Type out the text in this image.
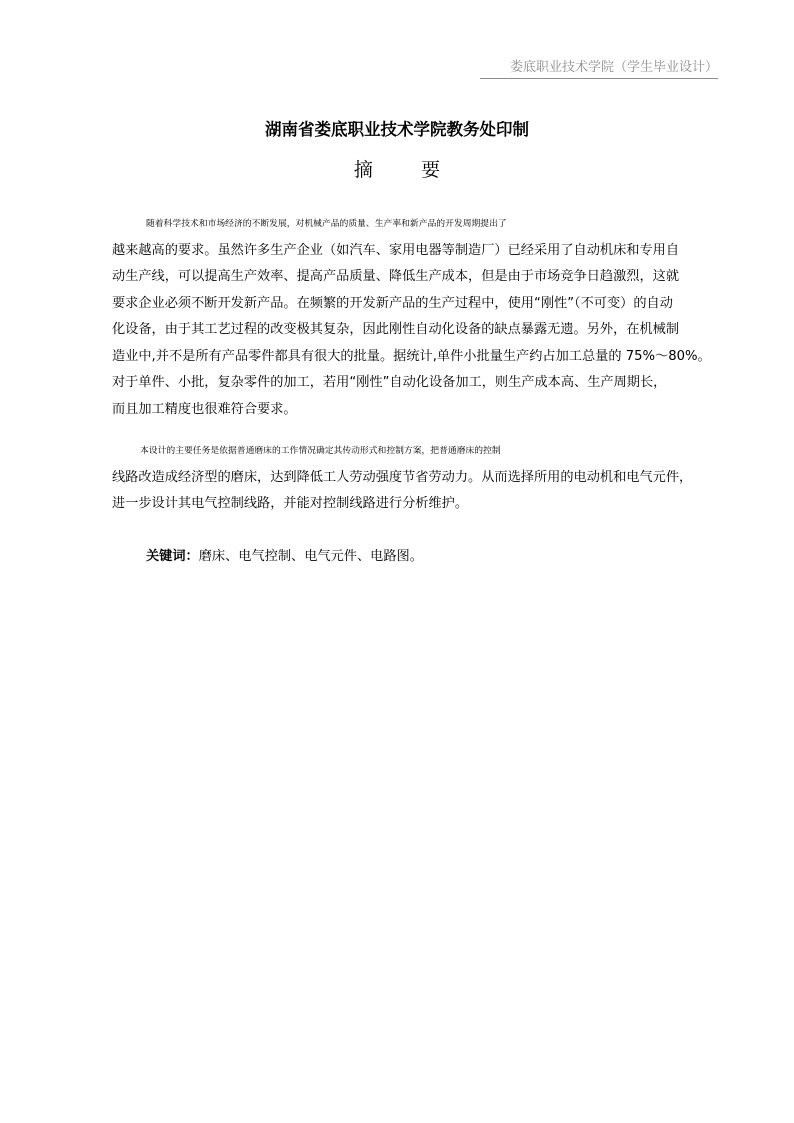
娄底职业技术学院（学生毕业设计）
湖南省娄底职业技术学院教务处印制
摘        要
随着科学技术和市场经济的不断发展，对机械产品的质量、生产率和新产品的开发周期提出了
越来越高的要求。虽然许多生产企业（如汽车、家用电器等制造厂）已经采用了自动机床和专用自
动生产线，可以提高生产效率、提高产品质量、降低生产成本，但是由于市场竞争日趋激烈，这就
要求企业必须不断开发新产品。在频繁的开发新产品的生产过程中，使用“刚性”（不可变）的自动
化设备，由于其工艺过程的改变极其复杂，因此刚性自动化设备的缺点暴露无遗。另外，在机械制
造业中,并不是所有产品零件都具有很大的批量。据统计,单件小批量生产约占加工总量的 75%～80%。
对于单件、小批，复杂零件的加工，若用“刚性”自动化设备加工，则生产成本高、生产周期长，
而且加工精度也很难符合要求。
本设计的主要任务是依据普通磨床的工作情况确定其传动形式和控制方案，把普通磨床的控制
线路改造成经济型的磨床，达到降低工人劳动强度节省劳动力。从而选择所用的电动机和电气元件，
进一步设计其电气控制线路，并能对控制线路进行分析维护。
关键词：磨床、电气控制、电气元件、电路图。
